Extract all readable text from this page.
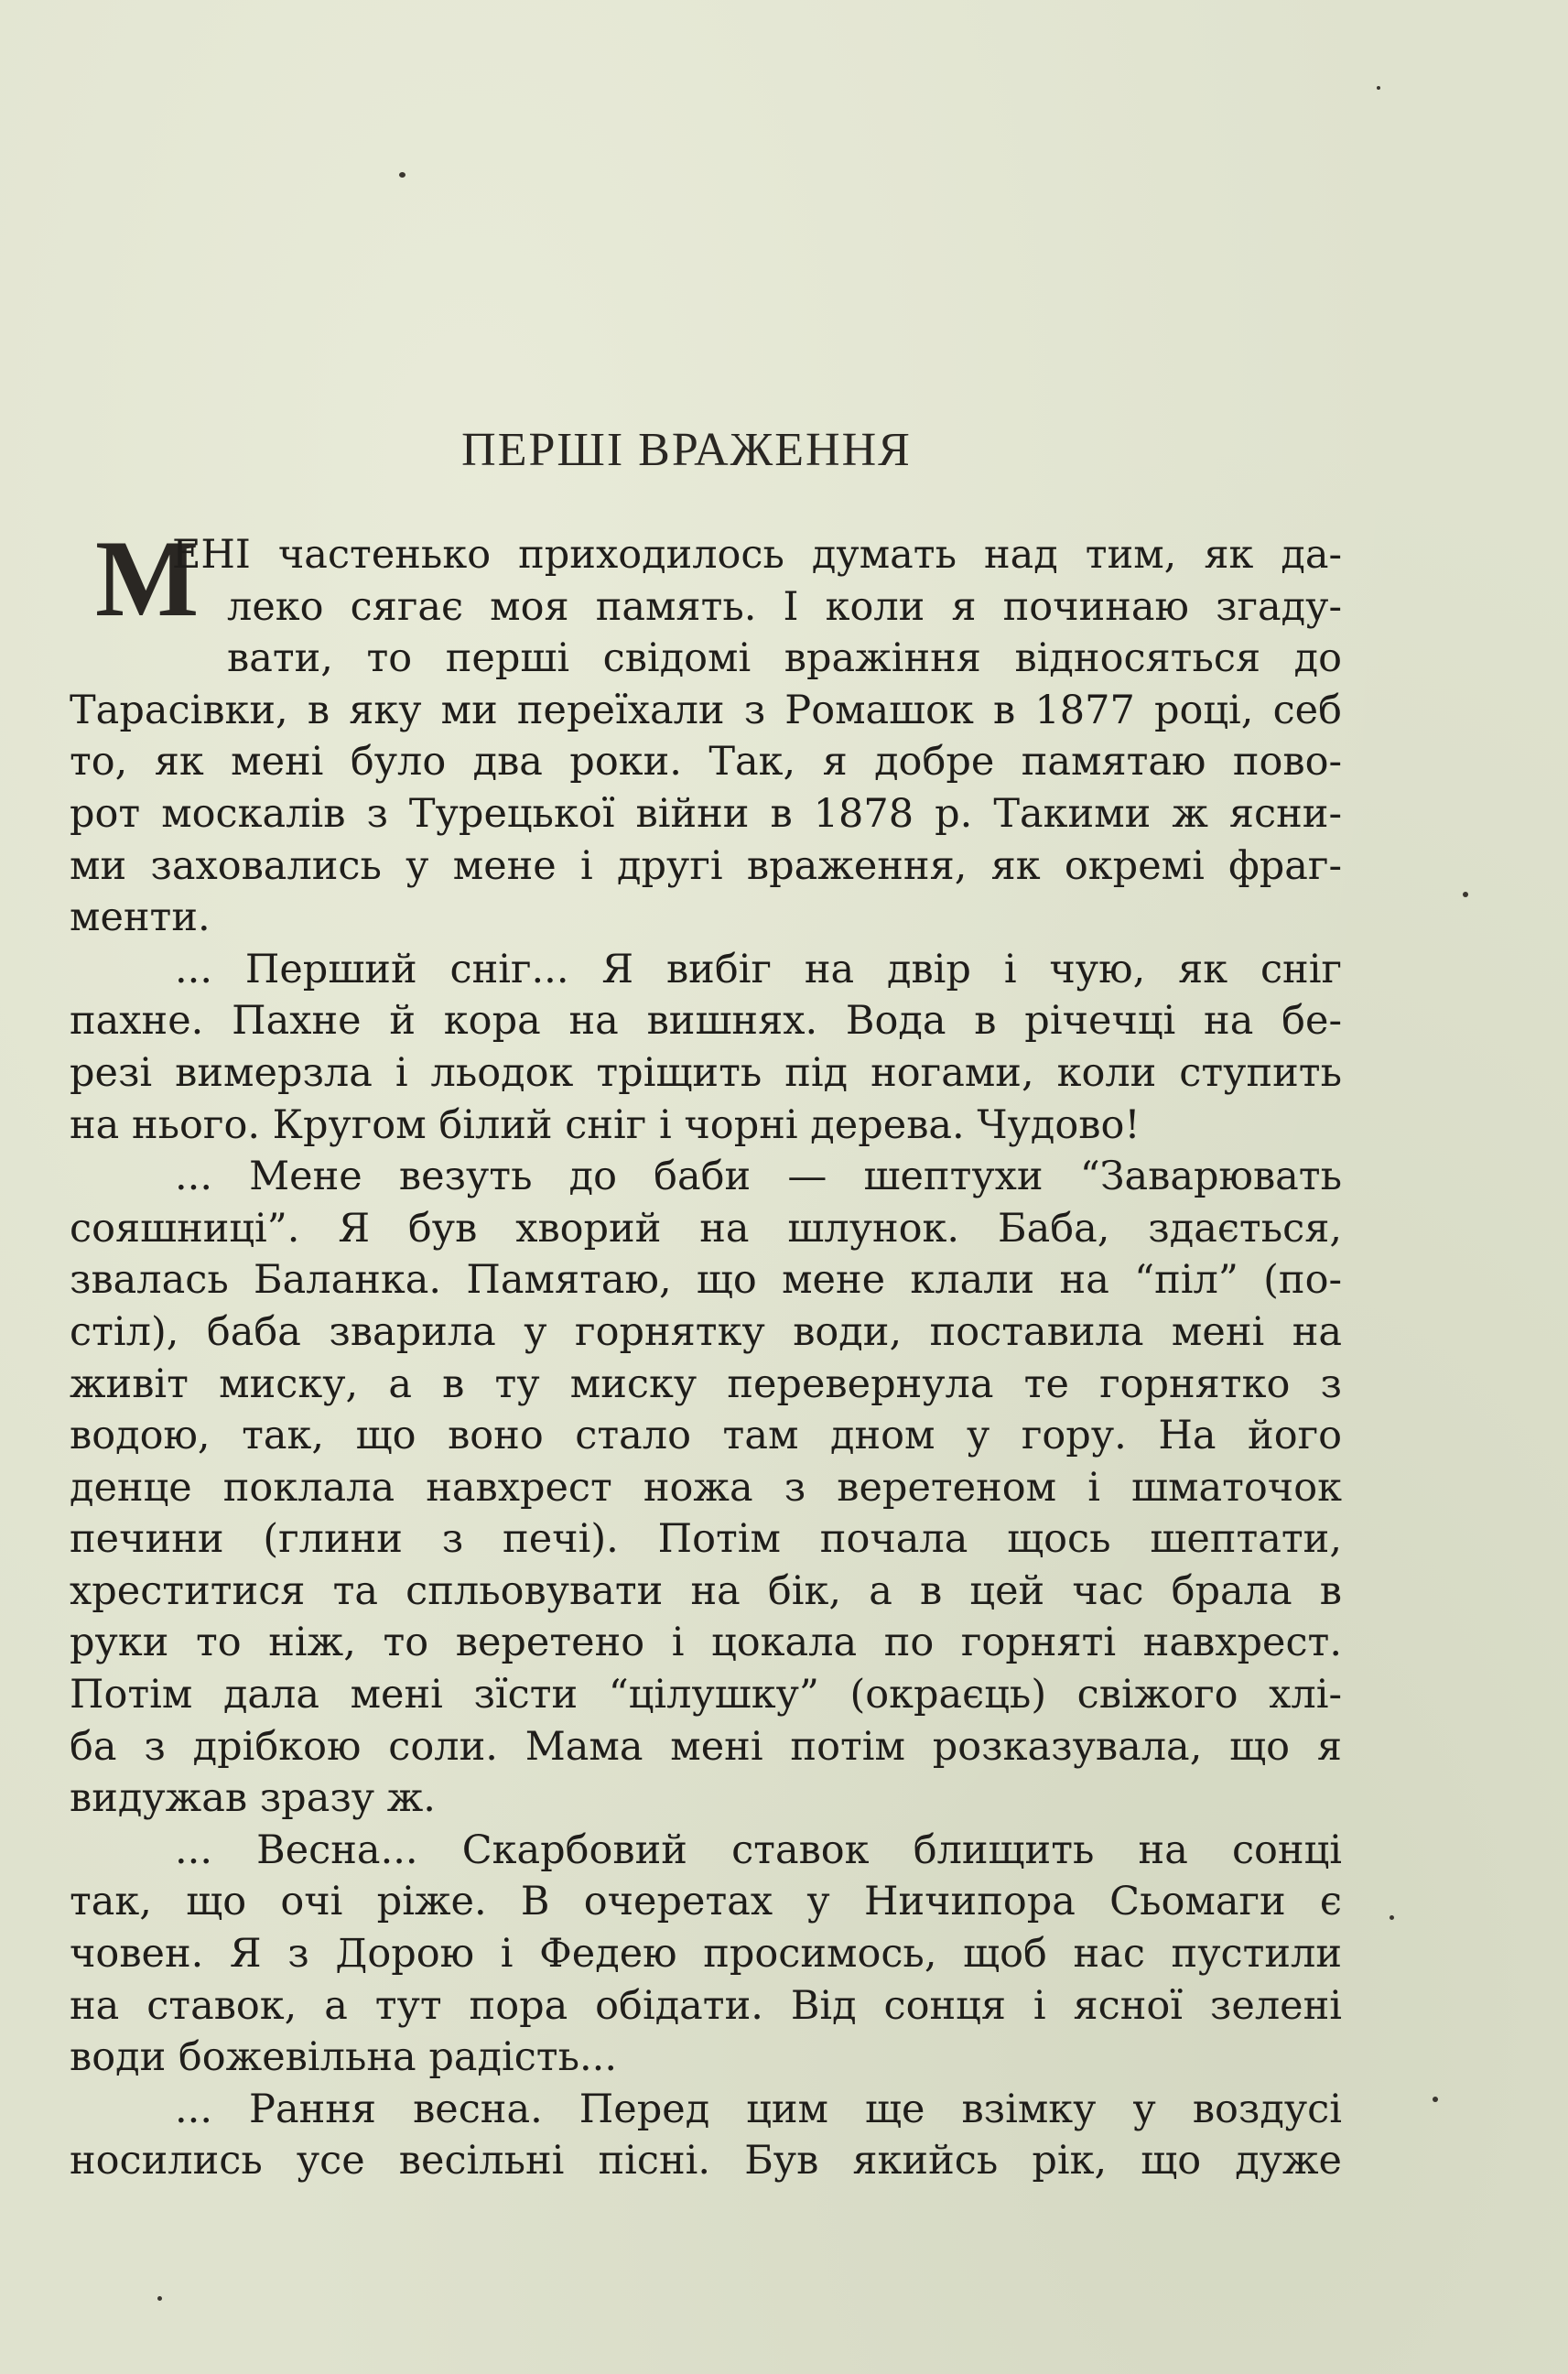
ПЕРШІ ВРАЖЕННЯ
М
ЕНІ частенько приходилось думать над тим, як да-
леко сягає моя память. І коли я починаю згаду-
вати, то перші свідомі вражіння відносяться до
Тарасівки, в яку ми переїхали з Ромашок в 1877 році, себ
то, як мені було два роки. Так, я добре памятаю пово-
рот москалів з Турецької війни в 1878 р. Такими ж ясни-
ми заховались у мене і другі враження, як окремі фраг-
менти.
... Перший сніг... Я вибіг на двір і чую, як сніг
пахне. Пахне й кора на вишнях. Вода в річечці на бе-
резі вимерзла і льодок тріщить під ногами, коли ступить
на нього. Кругом білий сніг і чорні дерева. Чудово!
... Мене везуть до баби — шептухи “Заварювать
сояшниці”. Я був хворий на шлунок. Баба, здається,
звалась Баланка. Памятаю, що мене клали на “піл” (по-
стіл), баба зварила у горнятку води, поставила мені на
живіт миску, а в ту миску перевернула те горнятко з
водою, так, що воно стало там дном у гору. На його
денце поклала навхрест ножа з веретеном і шматочок
печини (глини з печі). Потім почала щось шептати,
хреститися та спльовувати на бік, а в цей час брала в
руки то ніж, то веретено і цокала по горняті навхрест.
Потім дала мені зїсти “цілушку” (окраєць) свіжого хлі-
ба з дрібкою соли. Мама мені потім розказувала, що я
видужав зразу ж.
... Весна... Скарбовий ставок блищить на сонці
так, що очі ріже. В очеретах у Ничипора Сьомаги є
човен. Я з Дорою і Федею просимось, щоб нас пустили
на ставок, а тут пора обідати. Від сонця і ясної зелені
води божевільна радість...
... Рання весна. Перед цим ще взімку у воздусі
носились усе весільні пісні. Був якийсь рік, що дуже
